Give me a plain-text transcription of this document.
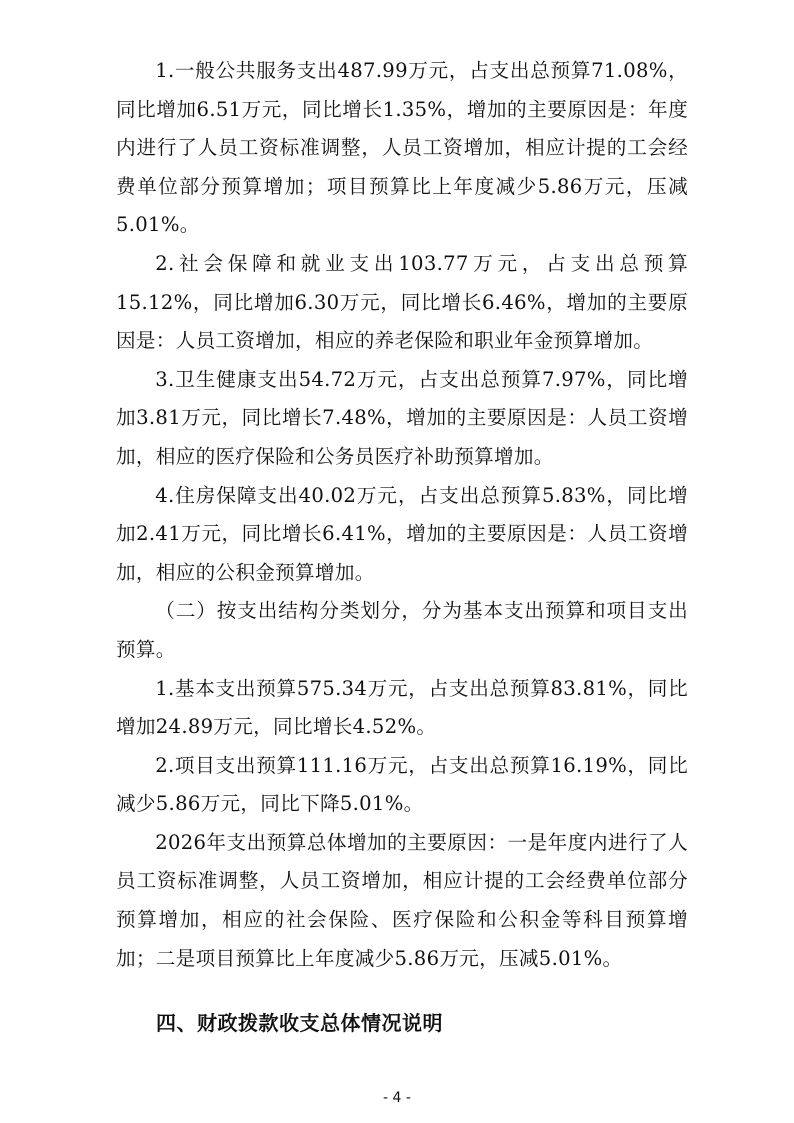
1.一般公共服务支出487.99万元，占支出总预算71.08%，同比增加6.51万元，同比增长1.35%，增加的主要原因是：年度内进行了人员工资标准调整，人员工资增加，相应计提的工会经费单位部分预算增加；项目预算比上年度减少5.86万元，压减5.01%。

2.社会保障和就业支出103.77万元，占支出总预算15.12%，同比增加6.30万元，同比增长6.46%，增加的主要原因是：人员工资增加，相应的养老保险和职业年金预算增加。

3.卫生健康支出54.72万元，占支出总预算7.97%，同比增加3.81万元，同比增长7.48%，增加的主要原因是：人员工资增加，相应的医疗保险和公务员医疗补助预算增加。

4.住房保障支出40.02万元，占支出总预算5.83%，同比增加2.41万元，同比增长6.41%，增加的主要原因是：人员工资增加，相应的公积金预算增加。

（二）按支出结构分类划分，分为基本支出预算和项目支出预算。

1.基本支出预算575.34万元，占支出总预算83.81%，同比增加24.89万元，同比增长4.52%。

2.项目支出预算111.16万元，占支出总预算16.19%，同比减少5.86万元，同比下降5.01%。

2026年支出预算总体增加的主要原因：一是年度内进行了人员工资标准调整，人员工资增加，相应计提的工会经费单位部分预算增加，相应的社会保险、医疗保险和公积金等科目预算增加；二是项目预算比上年度减少5.86万元，压减5.01%。

四、财政拨款收支总体情况说明
- 4 -
